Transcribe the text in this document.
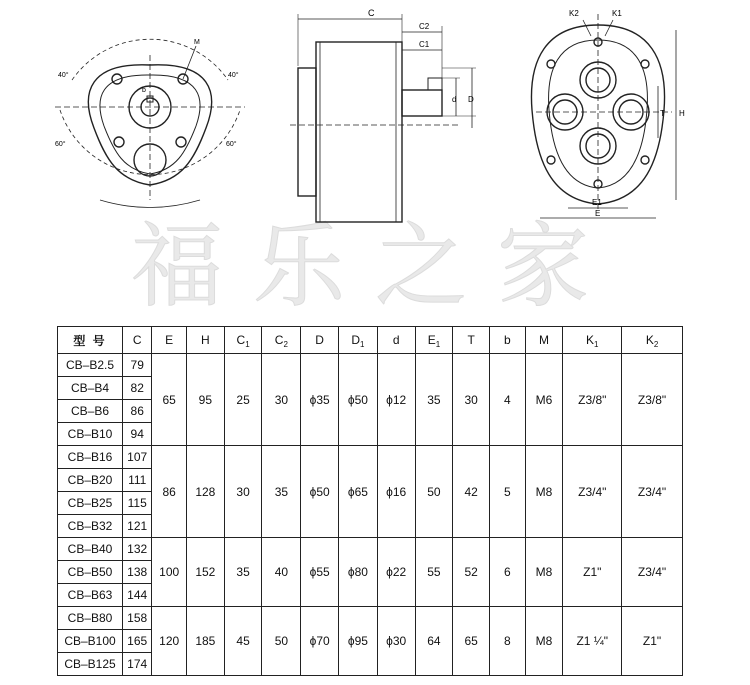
福乐之家
40°	40°
60°	60°
M
b
C
C2
C1
d D
K2	K1
T H
E1
E
型 号	C	E	H	$C_1$	$C_2$	D	$D_1$	d	$E_1$	T	b	M	$K_1$	$K_2$
CB–B2.5	79	65	95	25	30	ϕ35	ϕ50	ϕ12	35	30	4	M6	Z3/8"	Z3/8"
CB–B4	82													
CB–B6	86													
CB–B10	94													
CB–B16	107	86	128	30	35	ϕ50	ϕ65	ϕ16	50	42	5	M8	Z3/4"	Z3/4"
CB–B20	111													
CB–B25	115													
CB–B32	121													
CB–B40	132	100	152	35	40	ϕ55	ϕ80	ϕ22	55	52	6	M8	Z1"	Z3/4"
CB–B50	138													
CB–B63	144													
CB–B80	158	120	185	45	50	ϕ70	ϕ95	ϕ30	64	65	8	M8	Z1 ¼"	Z1"
CB–B100	165													
CB–B125	174													
